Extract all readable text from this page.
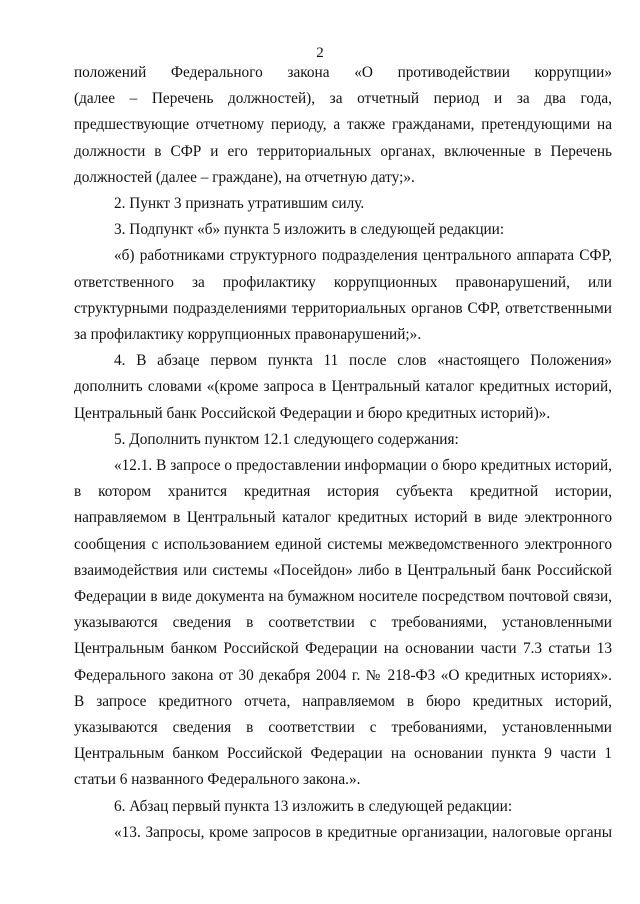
2

положений Федерального закона «О противодействии коррупции»

(далее – Перечень должностей), за отчетный период и за два года,

предшествующие отчетному периоду, а также гражданами, претендующими на

должности в СФР и его территориальных органах, включенные в Перечень

должностей (далее – граждане), на отчетную дату;».

2. Пункт 3 признать утратившим силу.

3. Подпункт «б» пункта 5 изложить в следующей редакции:

«б) работниками структурного подразделения центрального аппарата СФР,

ответственного за профилактику коррупционных правонарушений, или

структурными подразделениями территориальных органов СФР, ответственными

за профилактику коррупционных правонарушений;».

4. В абзаце первом пункта 11 после слов «настоящего Положения»

дополнить словами «(кроме запроса в Центральный каталог кредитных историй,

Центральный банк Российской Федерации и бюро кредитных историй)».

5. Дополнить пунктом 12.1 следующего содержания:

«12.1. В запросе о предоставлении информации о бюро кредитных историй,

в котором хранится кредитная история субъекта кредитной истории,

направляемом в Центральный каталог кредитных историй в виде электронного

сообщения с использованием единой системы межведомственного электронного

взаимодействия или системы «Посейдон» либо в Центральный банк Российской

Федерации в виде документа на бумажном носителе посредством почтовой связи,

указываются сведения в соответствии с требованиями, установленными

Центральным банком Российской Федерации на основании части 7.3 статьи 13

Федерального закона от 30 декабря 2004 г. № 218-ФЗ «О кредитных историях».

В запросе кредитного отчета, направляемом в бюро кредитных историй,

указываются сведения в соответствии с требованиями, установленными

Центральным банком Российской Федерации на основании пункта 9 части 1

статьи 6 названного Федерального закона.».

6. Абзац первый пункта 13 изложить в следующей редакции:

«13. Запросы, кроме запросов в кредитные организации, налоговые органы
